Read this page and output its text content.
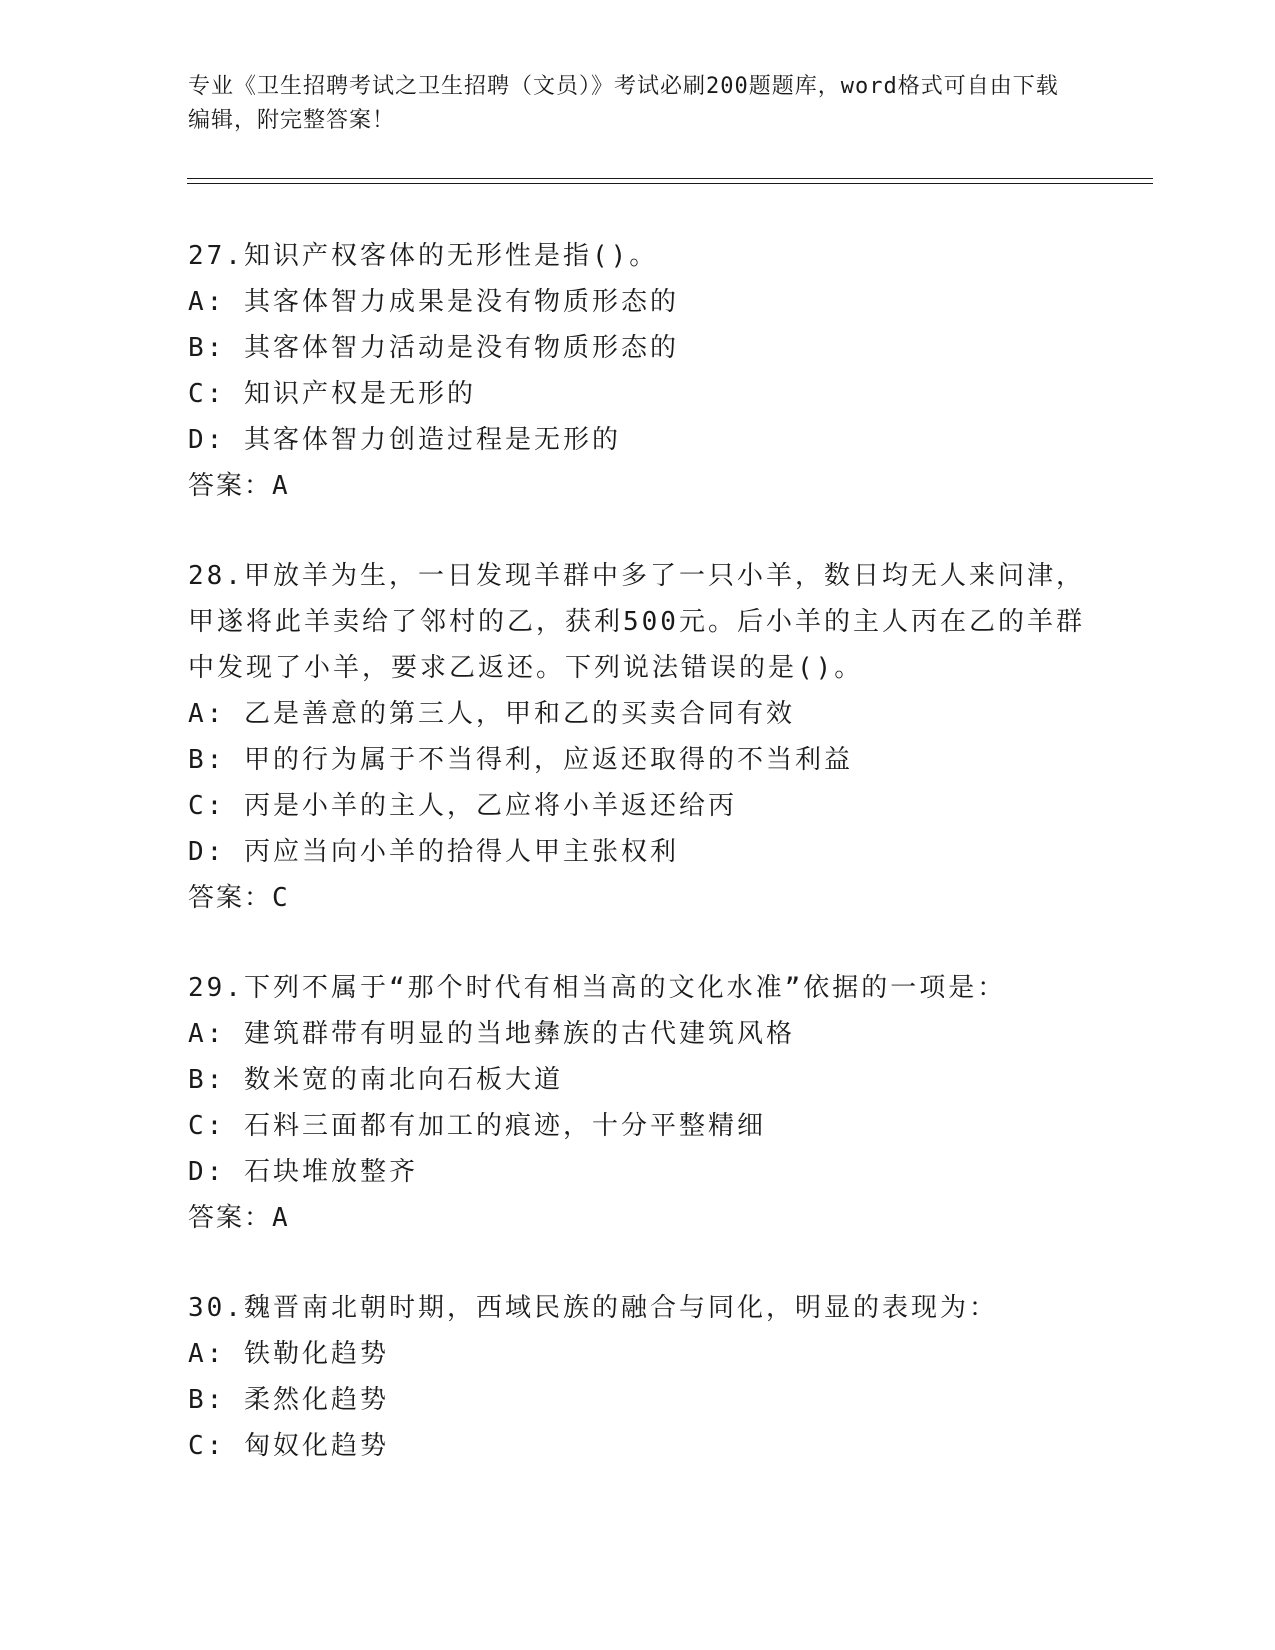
专业《卫生招聘考试之卫生招聘（文员）》考试必刷200题题库，word格式可自由下载编辑，附完整答案！

27.知识产权客体的无形性是指()。

A: 其客体智力成果是没有物质形态的

B: 其客体智力活动是没有物质形态的

C: 知识产权是无形的

D: 其客体智力创造过程是无形的

答案：A

28.甲放羊为生，一日发现羊群中多了一只小羊，数日均无人来问津，甲遂将此羊卖给了邻村的乙，获利500元。后小羊的主人丙在乙的羊群中发现了小羊，要求乙返还。下列说法错误的是()。

A: 乙是善意的第三人，甲和乙的买卖合同有效

B: 甲的行为属于不当得利，应返还取得的不当利益

C: 丙是小羊的主人，乙应将小羊返还给丙

D: 丙应当向小羊的拾得人甲主张权利

答案：C

29.下列不属于“那个时代有相当高的文化水准”依据的一项是：

A: 建筑群带有明显的当地彝族的古代建筑风格

B: 数米宽的南北向石板大道

C: 石料三面都有加工的痕迹，十分平整精细

D: 石块堆放整齐

答案：A

30.魏晋南北朝时期，西域民族的融合与同化，明显的表现为：

A: 铁勒化趋势

B: 柔然化趋势

C: 匈奴化趋势
